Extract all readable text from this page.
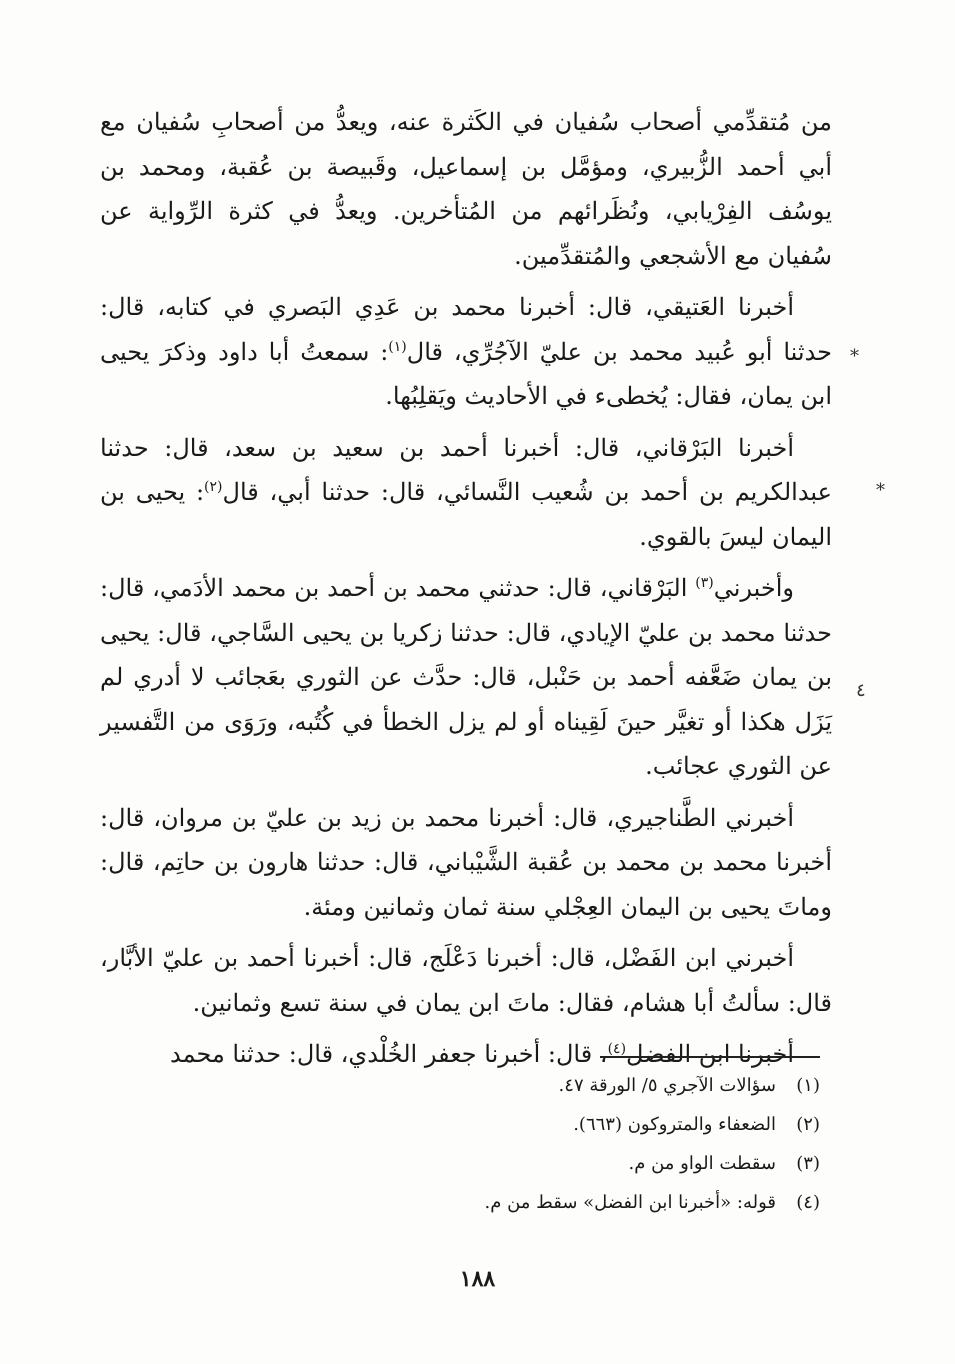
*
*
٤

من مُتقدِّمي أصحاب سُفيان في الكَثرة عنه، ويعدُّ من أصحابِ سُفيان مع أبي أحمد الزُّبيري، ومؤمَّل بن إسماعيل، وقَبيصة بن عُقبة، ومحمد بن يوسُف الفِرْيابي، ونُظَرائهم من المُتأخرين. ويعدُّ في كثرة الرِّواية عن سُفيان مع الأشجعي والمُتقدِّمين.

أخبرنا العَتيقي، قال: أخبرنا محمد بن عَدِي البَصري في كتابه، قال: حدثنا أبو عُبيد محمد بن عليّ الآجُرِّي، قال$^{(١)}$: سمعتُ أبا داود وذكرَ يحيى ابن يمان، فقال: يُخطىء في الأحاديث ويَقلِبُها.

أخبرنا البَرْقاني، قال: أخبرنا أحمد بن سعيد بن سعد، قال: حدثنا عبدالكريم بن أحمد بن شُعيب النَّسائي، قال: حدثنا أبي، قال$^{(٢)}$: يحيى بن اليمان ليسَ بالقوي.

وأخبرني$^{(٣)}$ البَرْقاني، قال: حدثني محمد بن أحمد بن محمد الأدَمي، قال: حدثنا محمد بن عليّ الإيادي، قال: حدثنا زكريا بن يحيى السَّاجي، قال: يحيى بن يمان ضَعَّفه أحمد بن حَنْبل، قال: حدَّث عن الثوري بعَجائب لا أدري لم يَزَل هكذا أو تغيَّر حينَ لَقِيناه أو لم يزل الخطأ في كُتُبه، ورَوَى من التَّفسير عن الثوري عجائب.

أخبرني الطَّناجيري، قال: أخبرنا محمد بن زيد بن عليّ بن مروان، قال: أخبرنا محمد بن محمد بن عُقبة الشَّيْباني، قال: حدثنا هارون بن حاتِم، قال: وماتَ يحيى بن اليمان العِجْلي سنة ثمان وثمانين ومئة.

أخبرني ابن الفَضْل، قال: أخبرنا دَعْلَج، قال: أخبرنا أحمد بن عليّ الأبَّار، قال: سألتُ أبا هشام، فقال: ماتَ ابن يمان في سنة تسع وثمانين.

أخبرنا ابن الفضل$^{(٤)}$، قال: أخبرنا جعفر الخُلْدي، قال: حدثنا محمد

(١)سؤالات الآجري ٥/ الورقة ٤٧.
(٢)الضعفاء والمتروكون (٦٦٣).
(٣)سقطت الواو من م.
(٤)قوله: «أخبرنا ابن الفضل» سقط من م.
١٨٨
